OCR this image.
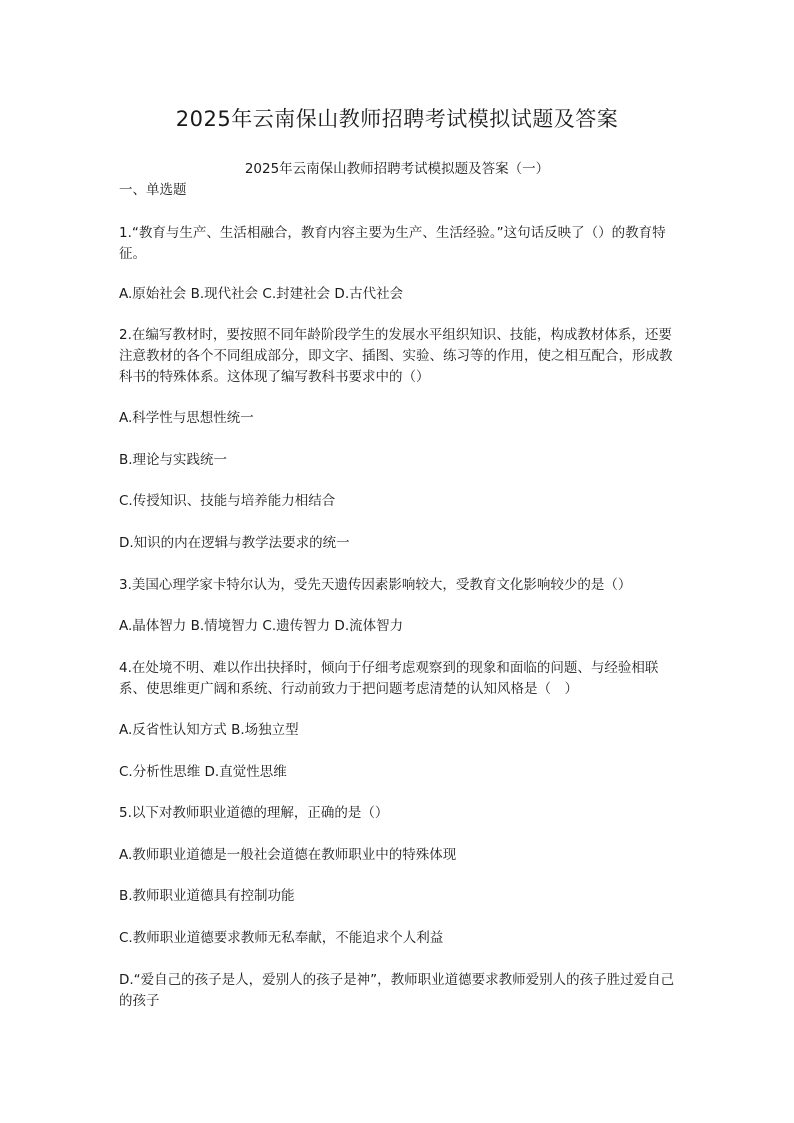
2025年云南保山教师招聘考试模拟试题及答案
2025年云南保山教师招聘考试模拟题及答案（一）
一、单选题

1.“教育与生产、生活相融合，教育内容主要为生产、生活经验。”这句话反映了（）的教育特征。

A.原始社会 B.现代社会 C.封建社会 D.古代社会

2.在编写教材时，要按照不同年龄阶段学生的发展水平组织知识、技能，构成教材体系，还要注意教材的各个不同组成部分，即文字、插图、实验、练习等的作用，使之相互配合，形成教科书的特殊体系。这体现了编写教科书要求中的（）

A.科学性与思想性统一

B.理论与实践统一

C.传授知识、技能与培养能力相结合

D.知识的内在逻辑与教学法要求的统一

3.美国心理学家卡特尔认为，受先天遗传因素影响较大，受教育文化影响较少的是（）

A.晶体智力 B.情境智力 C.遗传智力 D.流体智力

4.在处境不明、难以作出抉择时，倾向于仔细考虑观察到的现象和面临的问题、与经验相联系、使思维更广阔和系统、行动前致力于把问题考虑清楚的认知风格是（　）

A.反省性认知方式 B.场独立型

C.分析性思维 D.直觉性思维

5.以下对教师职业道德的理解，正确的是（）

A.教师职业道德是一般社会道德在教师职业中的特殊体现

B.教师职业道德具有控制功能

C.教师职业道德要求教师无私奉献，不能追求个人利益

D.“爱自己的孩子是人，爱别人的孩子是神”，教师职业道德要求教师爱别人的孩子胜过爱自己的孩子
